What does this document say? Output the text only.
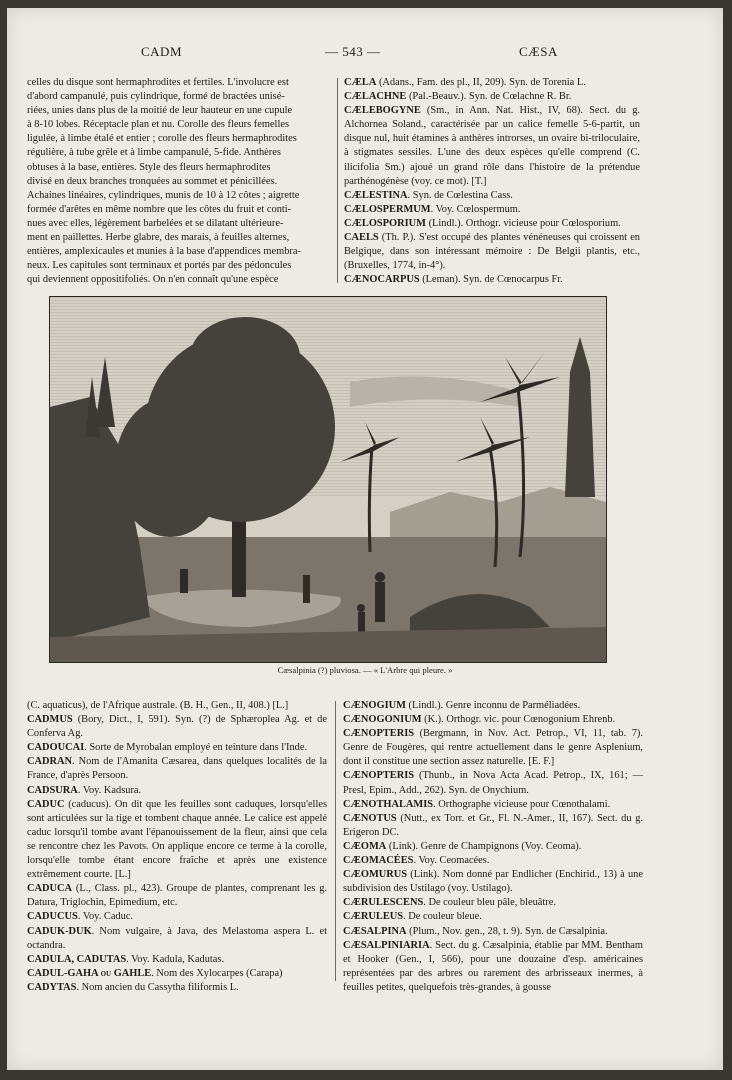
CADM	— 543 —	CÆSA

celles du disque sont hermaphrodites et fertiles. L'involucre est

d'abord campanulé, puis cylindrique, formé de bractées unisé-

riées, unies dans plus de la moitié de leur hauteur en une cupule

à 8-10 lobes. Réceptacle plan et nu. Corolle des fleurs femelles

ligulée, à limbe étalé et entier ; corolle des fleurs hermaphrodites

régulière, à tube grêle et à limbe campanulé, 5-fide. Anthères

obtuses à la base, entières. Style des fleurs hermaphrodites

divisé en deux branches tronquées au sommet et pénicillées.

Achaines linéaires, cylindriques, munis de 10 à 12 côtes ; aigrette

formée d'arêtes en même nombre que les côtes du fruit et conti-

nues avec elles, légèrement barbelées et se dilatant ultérieure-

ment en paillettes. Herbe glabre, des marais, à feuilles alternes,

entières, amplexicaules et munies à la base d'appendices membra-

neux. Les capitules sont terminaux et portés par des pédoncules

qui deviennent oppositifoliés. On n'en connaît qu'une espèce

CÆLA (Adans., Fam. des pl., II, 209). Syn. de Torenia L.

CÆLACHNE (Pal.-Beauv.). Syn. de Cœlachne R. Br.

CÆLEBOGYNE (Sm., in Ann. Nat. Hist., IV, 68). Sect. du g. Alchornea Soland., caractérisée par un calice femelle 5-6-partit, un disque nul, huit étamines à anthères introrses, un ovaire bi-triloculaire, à stigmates sessiles. L'une des deux espèces qu'elle comprend (C. ilicifolia Sm.) ajoué un grand rôle dans l'histoire de la prétendue parthénogénèse (voy. ce mot). [T.]

CÆLESTINA. Syn. de Cœlestina Cass.

CÆLOSPERMUM. Voy. Cœlospermum.

CÆLOSPORIUM (Lindl.). Orthogr. vicieuse pour Cœlosporium.

CAELS (Th. P.). S'est occupé des plantes vénéneuses qui croissent en Belgique, dans son intéressant mémoire : De Belgii plantis, etc., (Bruxelles, 1774, in-4°).

CÆNOCARPUS (Leman). Syn. de Cœnocarpus Fr.

Cæsalpinia (?) pluviosa. — « L'Arbre qui pleure. »

(C. aquaticus), de l'Afrique australe. (B. H., Gen., II, 408.) [L.]

CADMUS (Bory, Dict., I, 591). Syn. (?) de Sphæroplea Ag. et de Conferva Ag.

CADOUCAI. Sorte de Myrobalan employé en teinture dans l'Inde.

CADRAN. Nom de l'Amanita Cæsarea, dans quelques localités de la France, d'après Persoon.

CADSURA. Voy. Kadsura.

CADUC (caducus). On dit que les feuilles sont caduques, lorsqu'elles sont articulées sur la tige et tombent chaque année. Le calice est appelé caduc lorsqu'il tombe avant l'épanouissement de la fleur, ainsi que cela se rencontre chez les Pavots. On applique encore ce terme à la corolle, lorsqu'elle tombe étant encore fraîche et après une existence extrêmement courte. [L.]

CADUCA (L., Class. pl., 423). Groupe de plantes, comprenant les g. Datura, Triglochin, Epimedium, etc.

CADUCUS. Voy. Caduc.

CADUK-DUK. Nom vulgaire, à Java, des Melastoma aspera L. et octandra.

CADULA, CADUTAS. Voy. Kadula, Kadutas.

CADUL-GAHA ou GAHLE. Nom des Xylocarpes (Carapa)

CADYTAS. Nom ancien du Cassytha filiformis L.

CÆNOGIUM (Lindl.). Genre inconnu de Parméliadées.

CÆNOGONIUM (K.). Orthogr. vic. pour Cœnogonium Ehrenb.

CÆNOPTERIS (Bergmann, in Nov. Act. Petrop., VI, 11, tab. 7). Genre de Fougères, qui rentre actuellement dans le genre Asplenium, dont il constitue une section assez naturelle. [E. F.]

CÆNOPTERIS (Thunb., in Nova Acta Acad. Petrop., IX, 161; — Presl, Epim., Add., 262). Syn. de Onychium.

CÆNOTHALAMIS. Orthographe vicieuse pour Cœnothalami.

CÆNOTUS (Nutt., ex Torr. et Gr., Fl. N.-Amer., II, 167). Sect. du g. Erigeron DC.

CÆOMA (Link). Genre de Champignons (Voy. Ceoma).

CÆOMACÉES. Voy. Ceomacées.

CÆOMURUS (Link). Nom donné par Endlicher (Enchirid., 13) à une subdivision des Ustilago (voy. Ustilago).

CÆRULESCENS. De couleur bleu pâle, bleuâtre.

CÆRULEUS. De couleur bleue.

CÆSALPINA (Plum., Nov. gen., 28, t. 9). Syn. de Cæsalpinia.

CÆSALPINIARIA. Sect. du g. Cæsalpinia, établie par MM. Bentham et Hooker (Gen., I, 566), pour une douzaine d'esp. américaines représentées par des arbres ou rarement des arbrisseaux inermes, à feuilles petites, quelquefois très-grandes, à gousse
